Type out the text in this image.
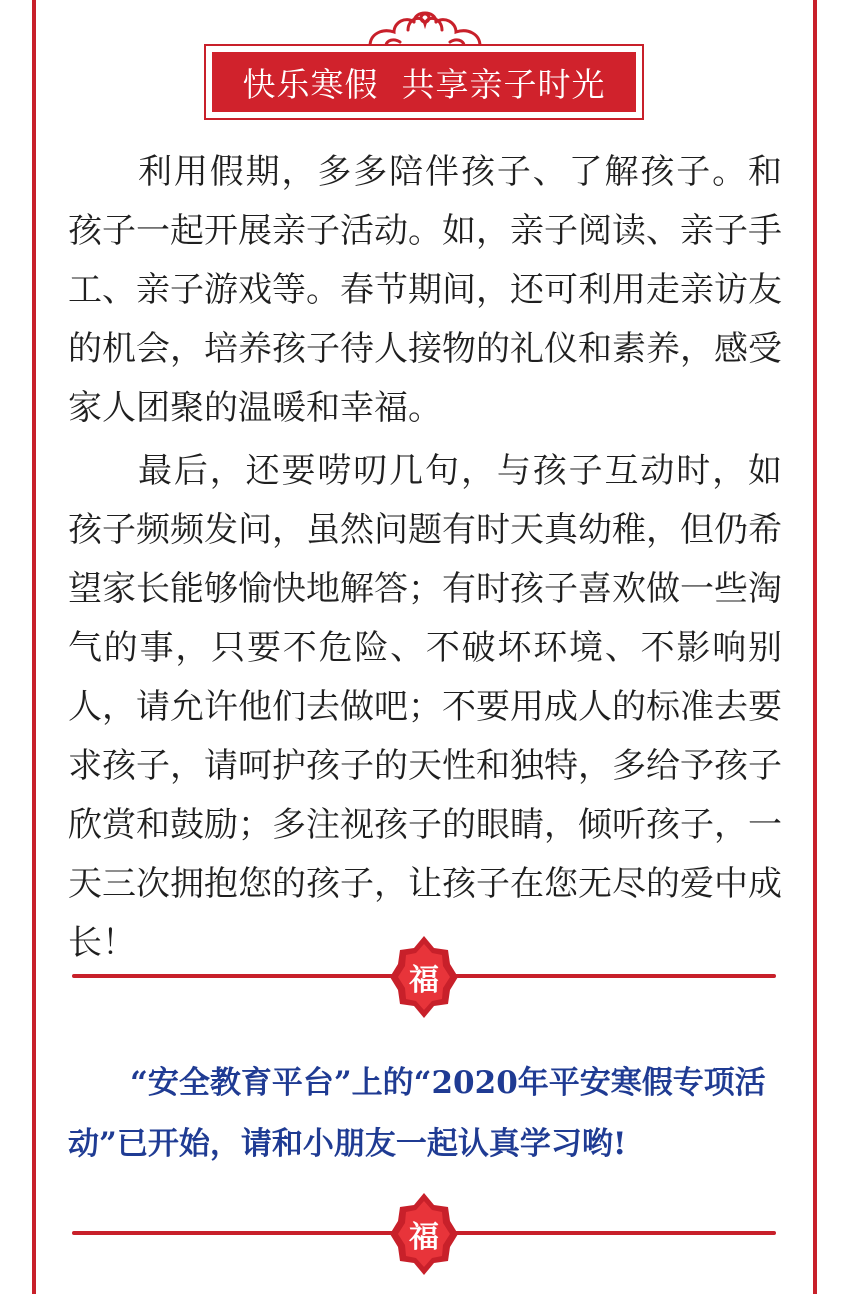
快乐寒假  共享亲子时光

利用假期，多多陪伴孩子、了解孩子。和孩子一起开展亲子活动。如，亲子阅读、亲子手工、亲子游戏等。春节期间，还可利用走亲访友的机会，培养孩子待人接物的礼仪和素养，感受家人团聚的温暖和幸福。

最后，还要唠叨几句，与孩子互动时，如孩子频频发问，虽然问题有时天真幼稚，但仍希望家长能够愉快地解答；有时孩子喜欢做一些淘气的事，只要不危险、不破坏环境、不影响别人，请允许他们去做吧；不要用成人的标准去要求孩子，请呵护孩子的天性和独特，多给予孩子欣赏和鼓励；多注视孩子的眼睛，倾听孩子，一天三次拥抱您的孩子，让孩子在您无尽的爱中成长！

福

“安全教育平台”上的“2020年平安寒假专项活动”已开始，请和小朋友一起认真学习哟!

福
